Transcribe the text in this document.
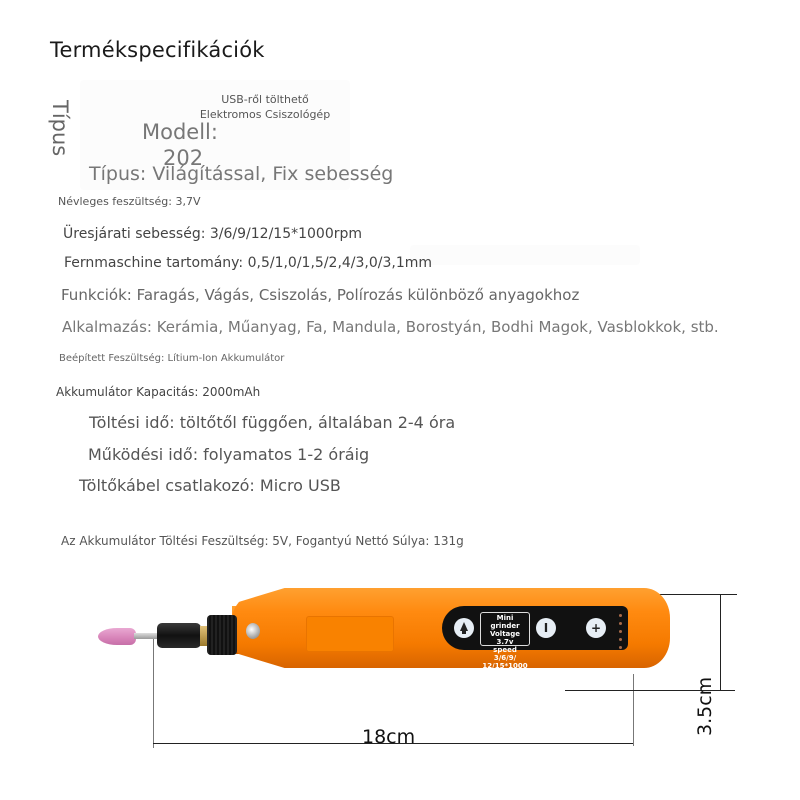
Termékspecifikációk
USB-ről tölthető
Elektromos Csiszológép
Típus	Modell:
202
Típus: Világítással, Fix sebesség
Névleges feszültség: 3,7V
Üresjárati sebesség: 3/6/9/12/15*1000rpm
Fernmaschine tartomány: 0,5/1,0/1,5/2,4/3,0/3,1mm
Funkciók: Faragás, Vágás, Csiszolás, Polírozás különböző anyagokhoz
Alkalmazás: Kerámia, Műanyag, Fa, Mandula, Borostyán, Bodhi Magok, Vasblokkok, stb.
Beépített Feszültség: Lítium-Ion Akkumulátor
Akkumulátor Kapacitás: 2000mAh
Töltési idő: töltőtől függően, általában 2-4 óra
Működési idő: folyamatos 1-2 óráig
Töltőkábel csatlakozó: Micro USB
Az Akkumulátor Töltési Feszültség: 5V, Fogantyú Nettó Súlya: 131g
18cm
3.5cm
I	+
Mini grinder
Voltage 3.7v
speed 3/6/9/
12/15*1000
